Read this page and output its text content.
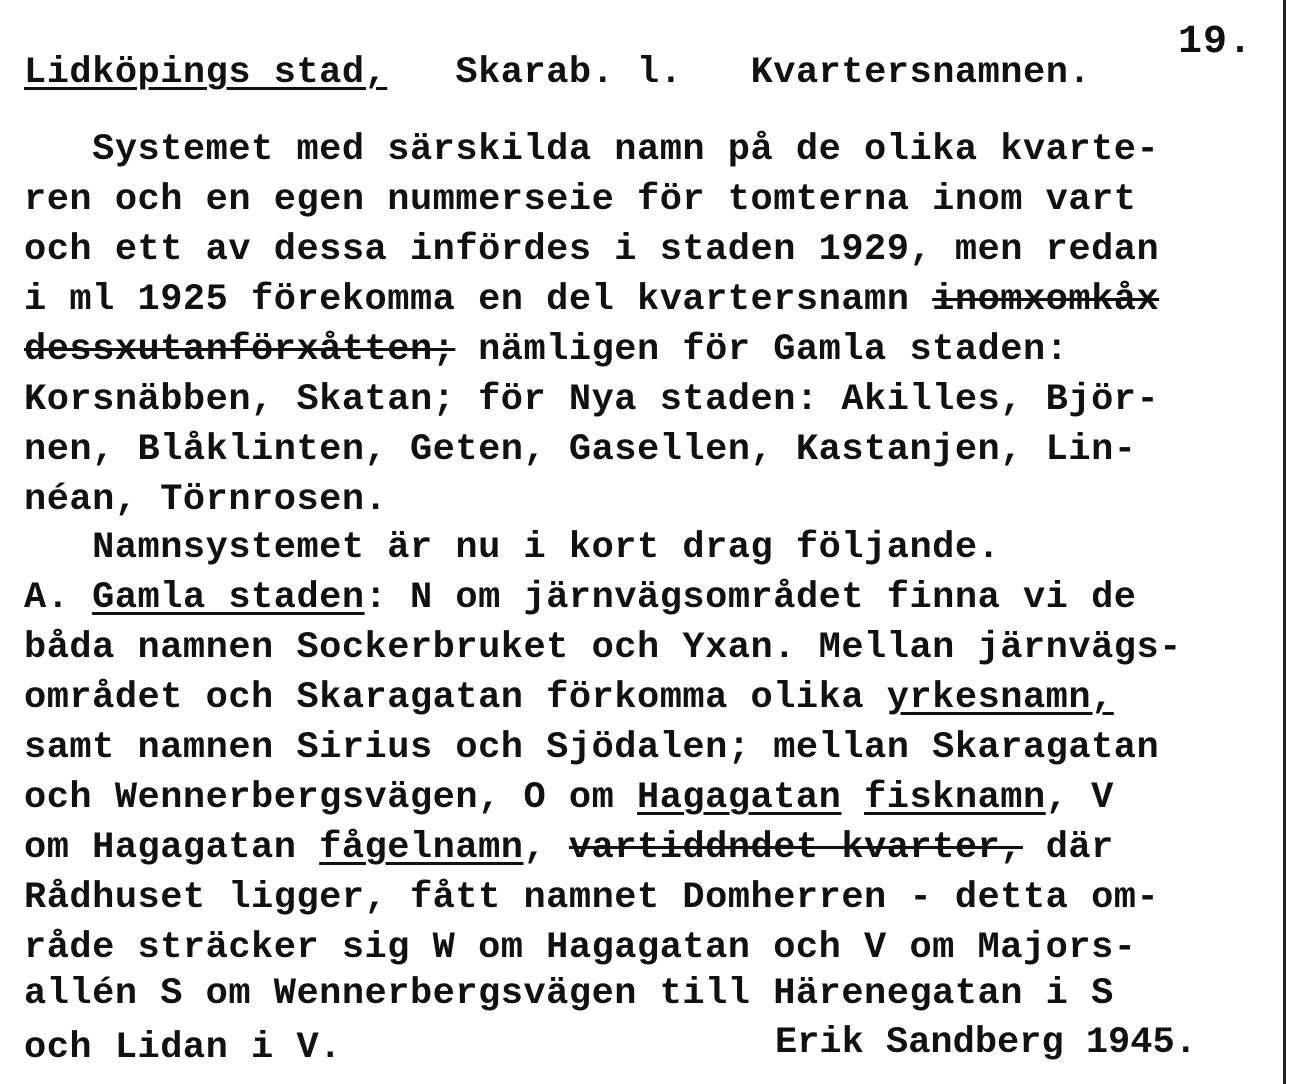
19.
Lidköpings stad, Skarab. l. Kvartersnamnen.
Systemet med särskilda namn på de olika kvarte-
ren och en egen nummerseie för tomterna inom vart
och ett av dessa infördes i staden 1929, men redan
i ml 1925 förekomma en del kvartersnamn inomxomkåx
dessxutanförxåtten; nämligen för Gamla staden:
Korsnäbben, Skatan; för Nya staden: Akilles, Björ-
nen, Blåklinten, Geten, Gasellen, Kastanjen, Lin-
néan, Törnrosen.
Namnsystemet är nu i kort drag följande.
A. Gamla staden: N om järnvägsområdet finna vi de
båda namnen Sockerbruket och Yxan. Mellan järnvägs-
området och Skaragatan förkomma olika yrkesnamn,
samt namnen Sirius och Sjödalen; mellan Skaragatan
och Wennerbergsvägen, O om Hagagatan fisknamn, V
om Hagagatan fågelnamn, vartiddndet kvarter, där
Rådhuset ligger, fått namnet Domherren - detta om-
råde sträcker sig W om Hagagatan och V om Majors-
allén S om Wennerbergsvägen till Härenegatan i S
och Lidan i V.	Erik Sandberg 1945.
